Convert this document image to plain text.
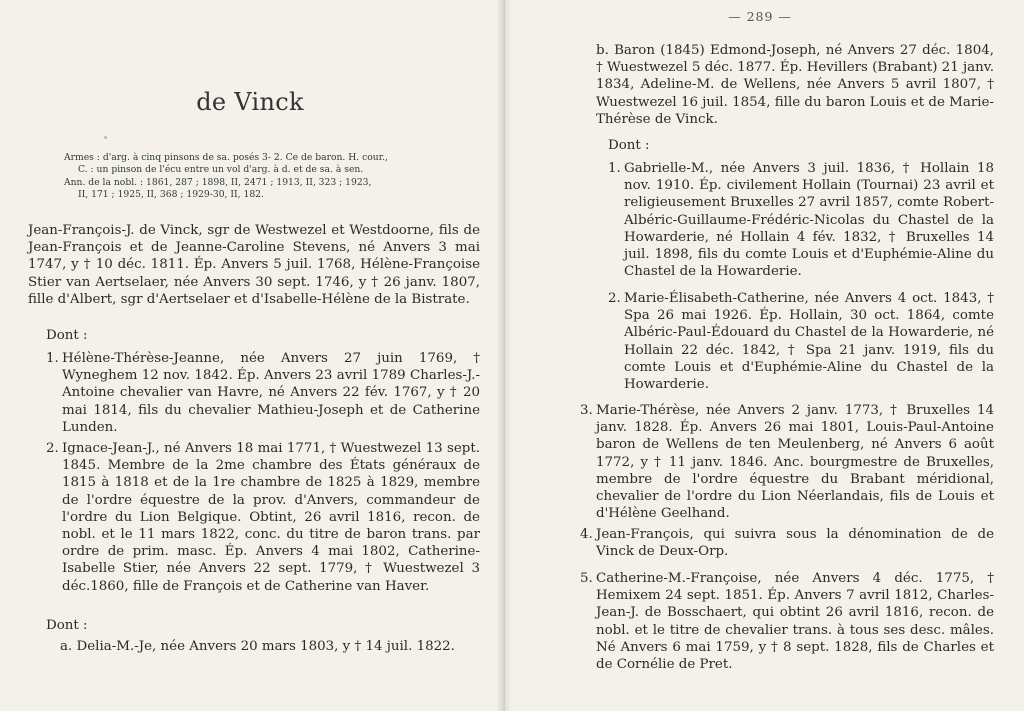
de Vinck

Armes : d'arg. à cinq pinsons de sa. posés 3- 2. Ce de baron. H. cour.,

C. : un pinson de l'écu entre un vol d'arg. à d. et de sa. à sen.

Ann. de la nobl. : 1861, 287 ; 1898, II, 2471 ; 1913, II, 323 ; 1923,

II, 171 ; 1925, II, 368 ; 1929-30, II, 182.

Jean-François-J. de Vinck, sgr de Westwezel et Westdoorne, fils de Jean-François et de Jeanne-Caroline Stevens, né Anvers 3 mai 1747, y † 10 déc. 1811. Ép. Anvers 5 juil. 1768, Hélène-Françoise Stier van Aertselaer, née Anvers 30 sept. 1746, y † 26 janv. 1807, fille d'Albert, sgr d'Aertselaer et d'Isabelle-Hélène de la Bistrate.

Dont :
1. Hélène-Thérèse-Jeanne, née Anvers 27 juin 1769, † Wyneghem 12 nov. 1842. Ép. Anvers 23 avril 1789 Charles-J.-Antoine chevalier van Havre, né Anvers 22 fév. 1767, y † 20 mai 1814, fils du chevalier Mathieu-Joseph et de Catherine Lunden.
2. Ignace-Jean-J., né Anvers 18 mai 1771, † Wuestwezel 13 sept. 1845. Membre de la 2me chambre des États généraux de 1815 à 1818 et de la 1re chambre de 1825 à 1829, membre de l'ordre équestre de la prov. d'Anvers, commandeur de l'ordre du Lion Belgique. Obtint, 26 avril 1816, recon. de nobl. et le 11 mars 1822, conc. du titre de baron trans. par ordre de prim. masc. Ép. Anvers 4 mai 1802, Catherine-Isabelle Stier, née Anvers 22 sept. 1779, † Wuestwezel 3 déc.1860, fille de François et de Catherine van Haver.
Dont :
a. Delia-M.-Je, née Anvers 20 mars 1803, y † 14 juil. 1822.
— 289 —
b. Baron (1845) Edmond-Joseph, né Anvers 27 déc. 1804, † Wuestwezel 5 déc. 1877. Ép. Hevillers (Brabant) 21 janv. 1834, Adeline-M. de Wellens, née Anvers 5 avril 1807, † Wuestwezel 16 juil. 1854, fille du baron Louis et de Marie-Thérèse de Vinck.
Dont :
1. Gabrielle-M., née Anvers 3 juil. 1836, † Hollain 18 nov. 1910. Ép. civilement Hollain (Tournai) 23 avril et religieusement Bruxelles 27 avril 1857, comte Robert-Albéric-Guillaume-Frédéric-Nicolas du Chastel de la Howarderie, né Hollain 4 fév. 1832, † Bruxelles 14 juil. 1898, fils du comte Louis et d'Euphémie-Aline du Chastel de la Howarderie.
2. Marie-Élisabeth-Catherine, née Anvers 4 oct. 1843, † Spa 26 mai 1926. Ép. Hollain, 30 oct. 1864, comte Albéric-Paul-Édouard du Chastel de la Howarderie, né Hollain 22 déc. 1842, † Spa 21 janv. 1919, fils du comte Louis et d'Euphémie-Aline du Chastel de la Howarderie.
3. Marie-Thérèse, née Anvers 2 janv. 1773, † Bruxelles 14 janv. 1828. Ép. Anvers 26 mai 1801, Louis-Paul-Antoine baron de Wellens de ten Meulenberg, né Anvers 6 août 1772, y † 11 janv. 1846. Anc. bourgmestre de Bruxelles, membre de l'ordre équestre du Brabant méridional, chevalier de l'ordre du Lion Néerlandais, fils de Louis et d'Hélène Geelhand.
4. Jean-François, qui suivra sous la dénomination de de Vinck de Deux-Orp.
5. Catherine-M.-Françoise, née Anvers 4 déc. 1775, † Hemixem 24 sept. 1851. Ép. Anvers 7 avril 1812, Charles-Jean-J. de Bosschaert, qui obtint 26 avril 1816, recon. de nobl. et le titre de chevalier trans. à tous ses desc. mâles. Né Anvers 6 mai 1759, y † 8 sept. 1828, fils de Charles et de Cornélie de Pret.
